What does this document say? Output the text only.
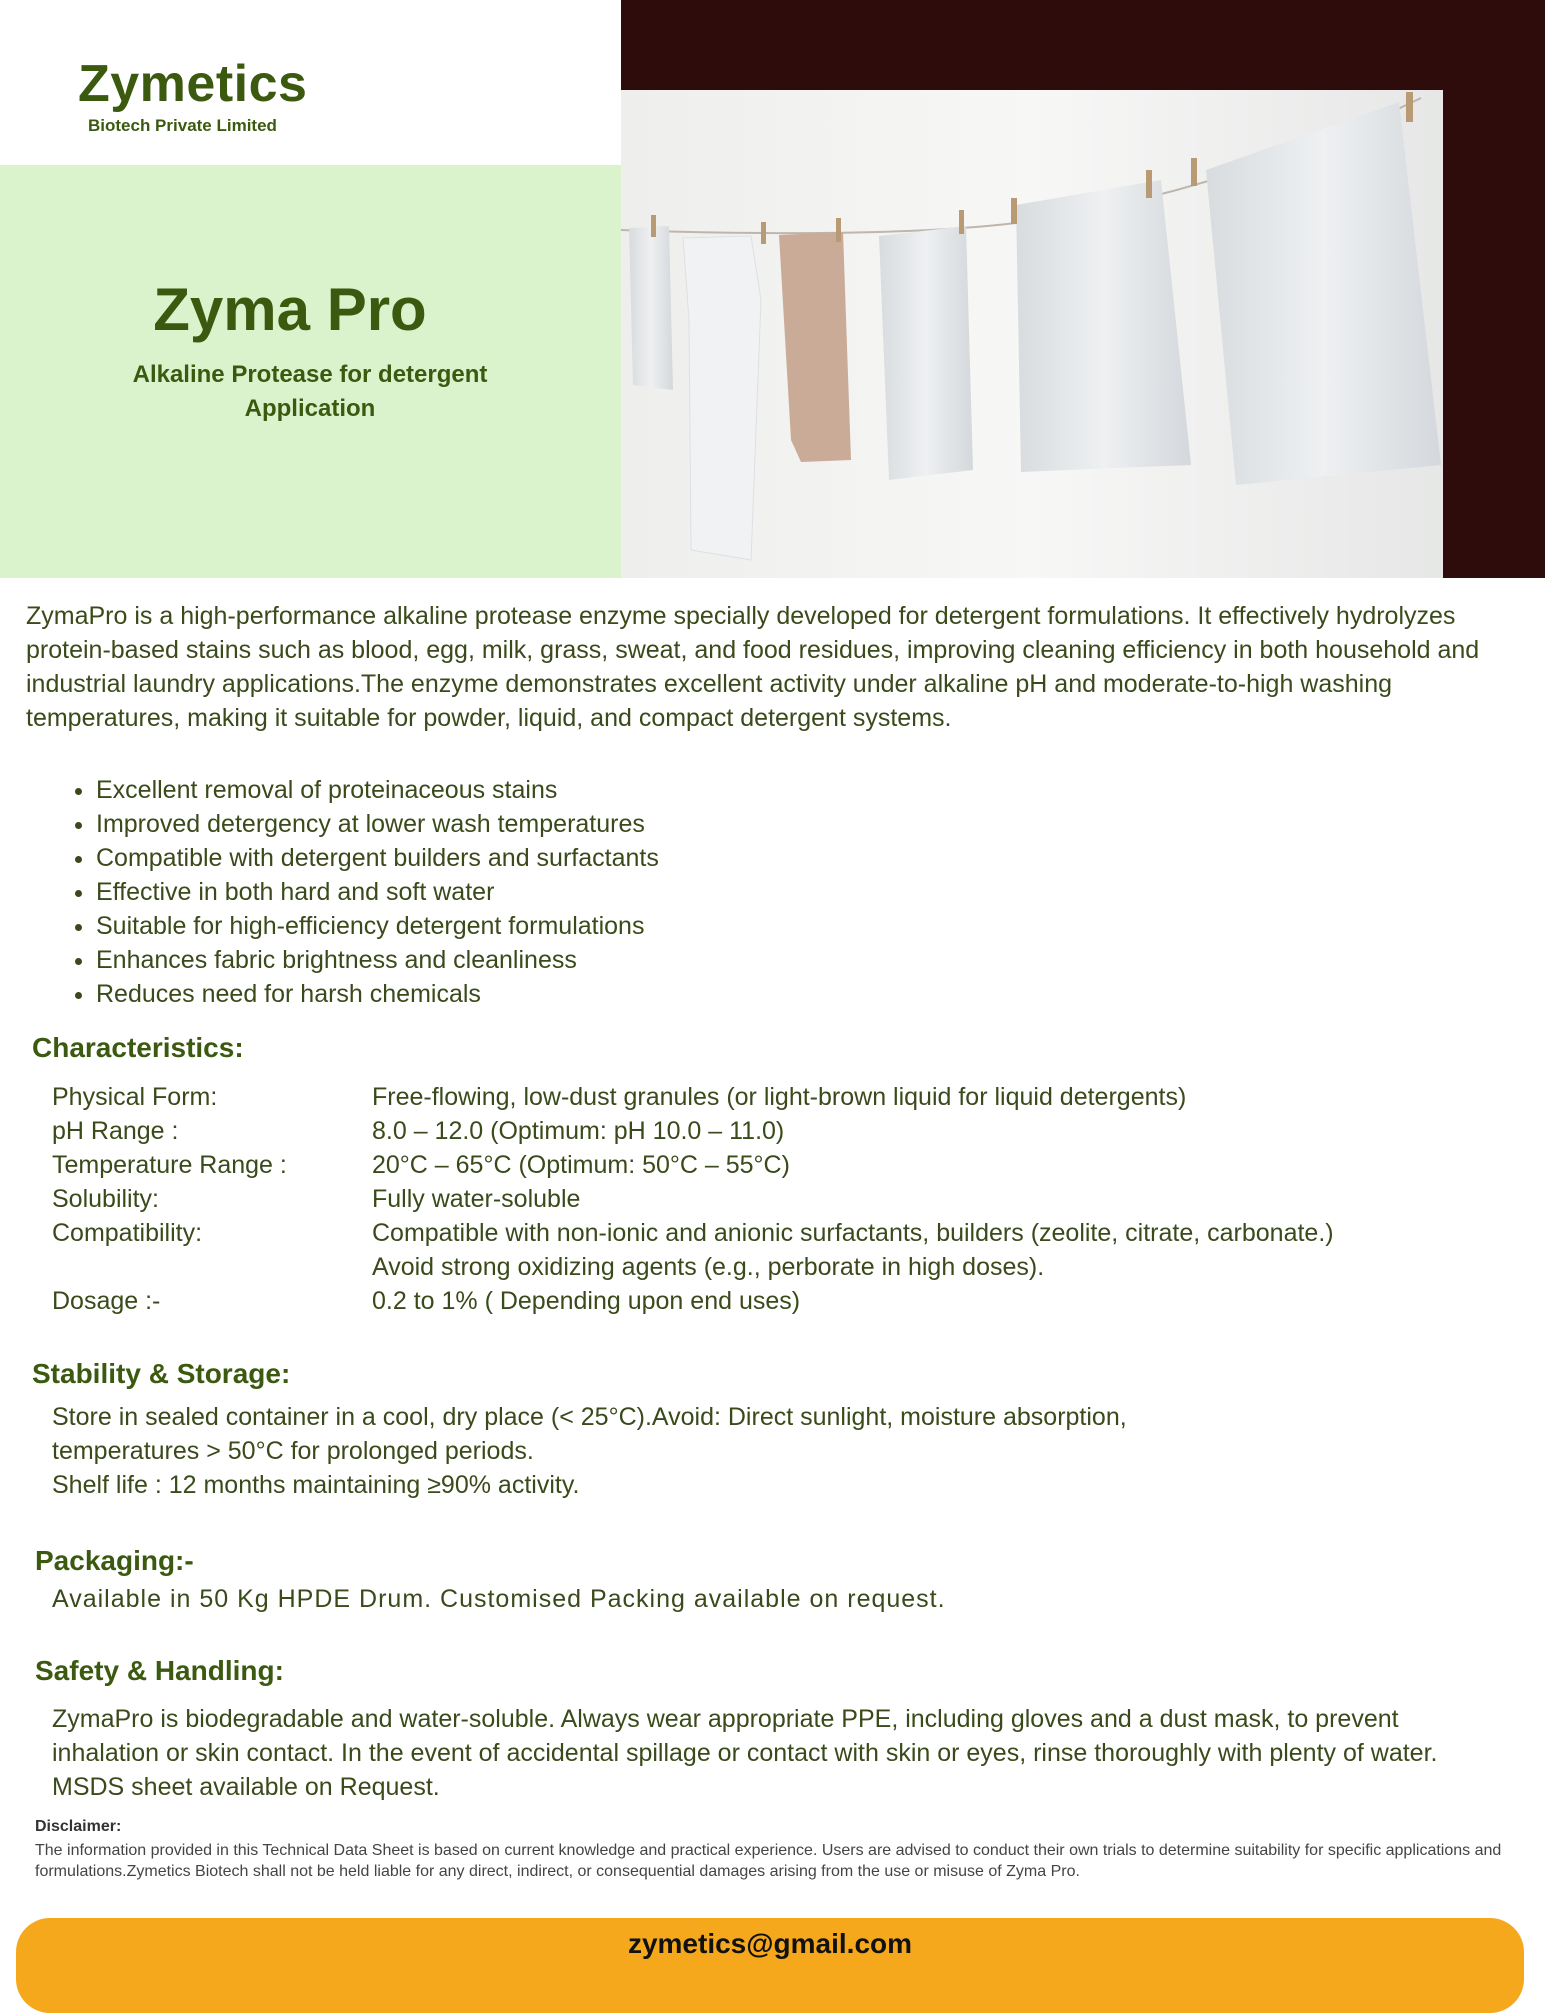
Zymetics
Biotech Private Limited
Zyma Pro
Alkaline Protease for detergent Application

ZymaPro is a high-performance alkaline protease enzyme specially developed for detergent formulations. It effectively hydrolyzes protein-based stains such as blood, egg, milk, grass, sweat, and food residues, improving cleaning efficiency in both household and industrial laundry applications.The enzyme demonstrates excellent activity under alkaline pH and moderate-to-high washing temperatures, making it suitable for powder, liquid, and compact detergent systems.

• Excellent removal of proteinaceous stains
• Improved detergency at lower wash temperatures
• Compatible with detergent builders and surfactants
• Effective in both hard and soft water
• Suitable for high-efficiency detergent formulations
• Enhances fabric brightness and cleanliness
• Reduces need for harsh chemicals
Characteristics:
Physical Form:	Free-flowing, low-dust granules (or light-brown liquid for liquid detergents)
pH Range :	8.0 – 12.0 (Optimum: pH 10.0 – 11.0)
Temperature Range :	20°C – 65°C (Optimum: 50°C – 55°C)
Solubility:	Fully water-soluble
Compatibility:	Compatible with non-ionic and anionic surfactants, builders (zeolite, citrate, carbonate.)
Avoid strong oxidizing agents (e.g., perborate in high doses).
Dosage :-	0.2 to 1% ( Depending upon end uses)
Stability & Storage:

Store in sealed container in a cool, dry place (< 25°C).Avoid: Direct sunlight, moisture absorption, temperatures > 50°C for prolonged periods.

Shelf life : 12 months maintaining ≥90% activity.

Packaging:-

Available in 50 Kg HPDE Drum. Customised Packing available on request.

Safety & Handling:

ZymaPro is biodegradable and water-soluble. Always wear appropriate PPE, including gloves and a dust mask, to prevent inhalation or skin contact. In the event of accidental spillage or contact with skin or eyes, rinse thoroughly with plenty of water. MSDS sheet available on Request.

Disclaimer:

The information provided in this Technical Data Sheet is based on current knowledge and practical experience. Users are advised to conduct their own trials to determine suitability for specific applications and formulations.Zymetics Biotech shall not be held liable for any direct, indirect, or consequential damages arising from the use or misuse of Zyma Pro.

zymetics@gmail.com
